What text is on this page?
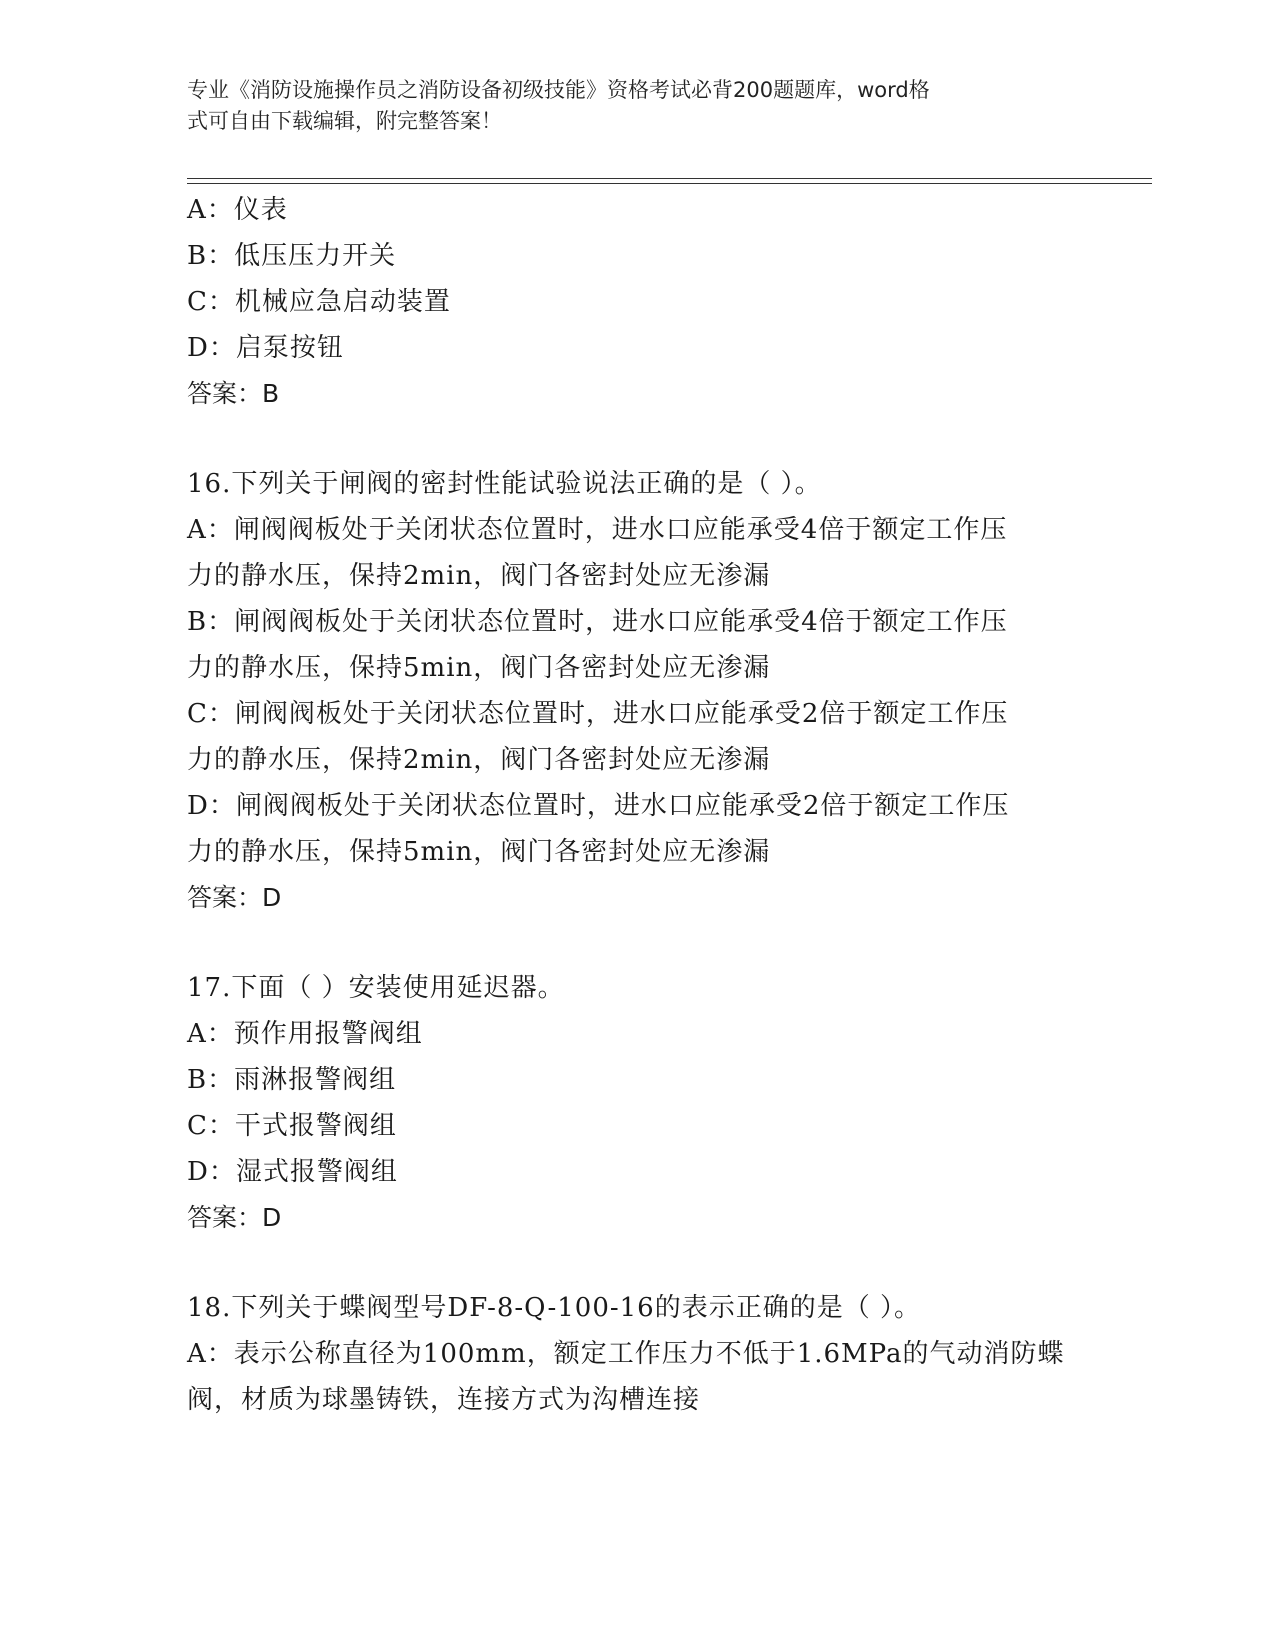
专业《消防设施操作员之消防设备初级技能》资格考试必背200题题库，word格
式可自由下载编辑，附完整答案！
A：仪表
B：低压压力开关
C：机械应急启动装置
D：启泵按钮
答案：B
16.下列关于闸阀的密封性能试验说法正确的是（ ）。
A：闸阀阀板处于关闭状态位置时，进水口应能承受4倍于额定工作压
力的静水压，保持2min，阀门各密封处应无渗漏
B：闸阀阀板处于关闭状态位置时，进水口应能承受4倍于额定工作压
力的静水压，保持5min，阀门各密封处应无渗漏
C：闸阀阀板处于关闭状态位置时，进水口应能承受2倍于额定工作压
力的静水压，保持2min，阀门各密封处应无渗漏
D：闸阀阀板处于关闭状态位置时，进水口应能承受2倍于额定工作压
力的静水压，保持5min，阀门各密封处应无渗漏
答案：D
17.下面（ ）安装使用延迟器。
A：预作用报警阀组
B：雨淋报警阀组
C：干式报警阀组
D：湿式报警阀组
答案：D
18.下列关于蝶阀型号DF-8-Q-100-16的表示正确的是（ ）。
A：表示公称直径为100mm，额定工作压力不低于1.6MPa的气动消防蝶
阀，材质为球墨铸铁，连接方式为沟槽连接
